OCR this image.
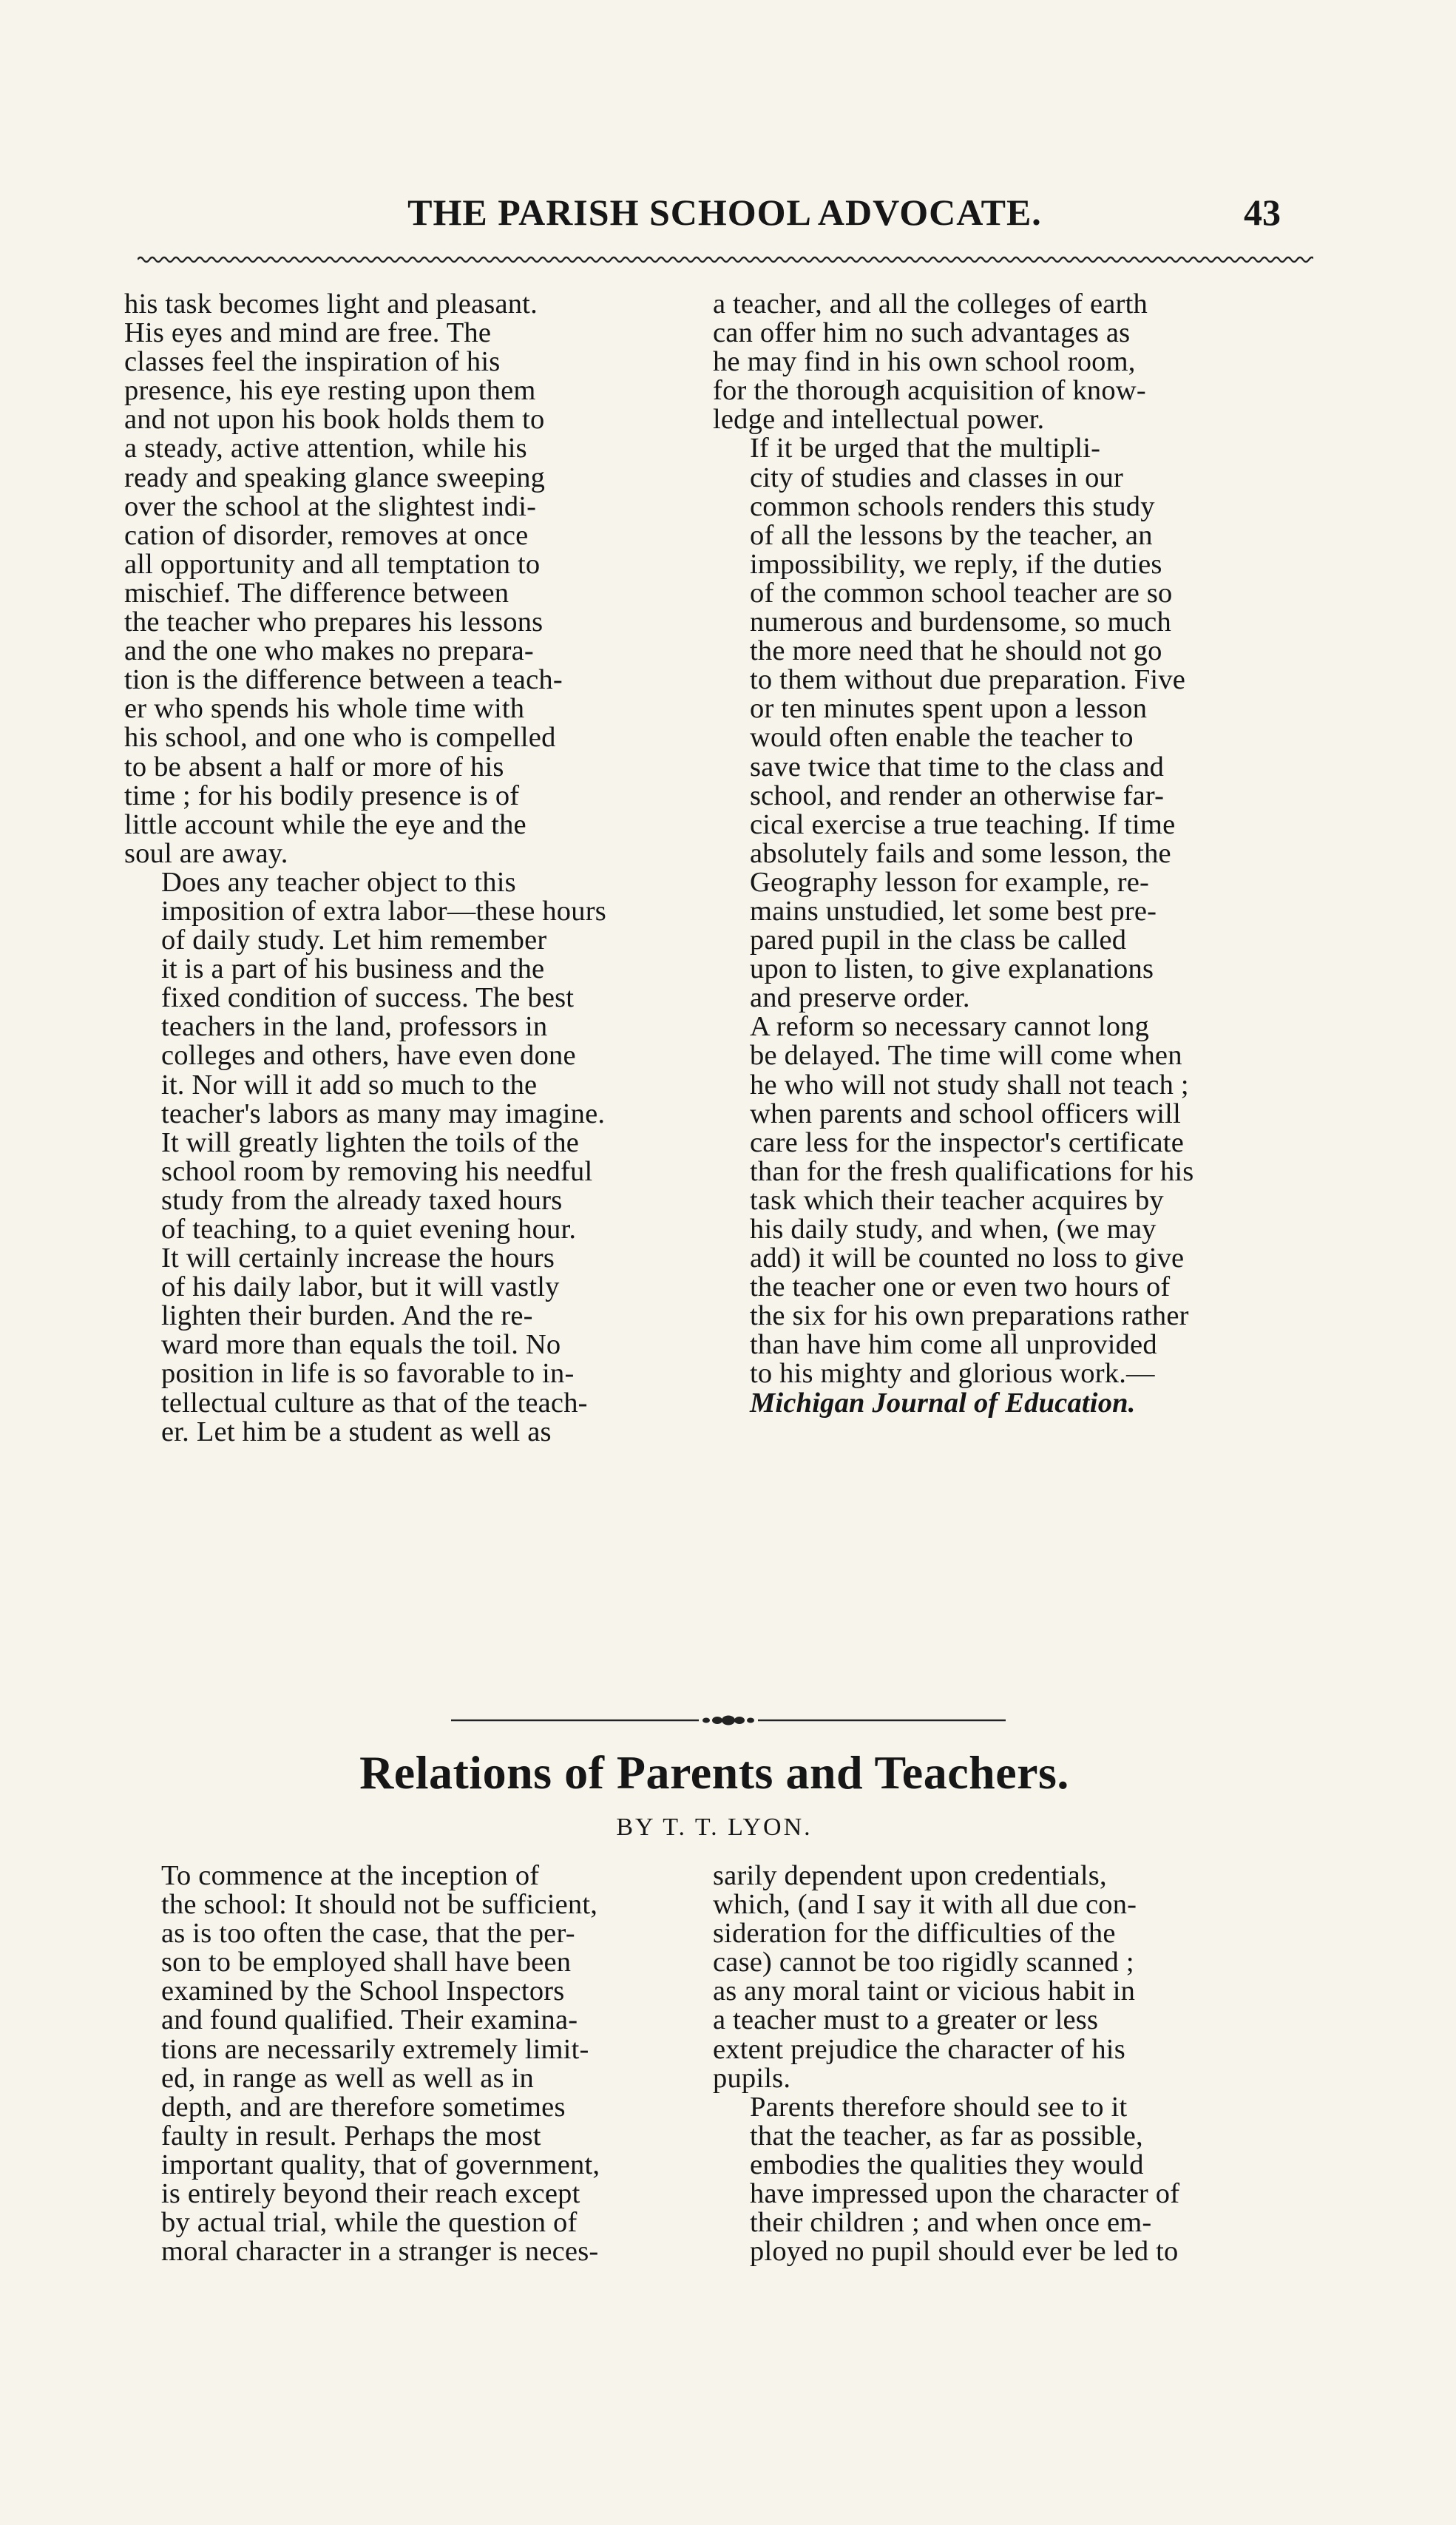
THE PARISH SCHOOL ADVOCATE.	43

his task becomes light and pleasant.
His eyes and mind are free. The
classes feel the inspiration of his
presence, his eye resting upon them
and not upon his book holds them to
a steady, active attention, while his
ready and speaking glance sweeping
over the school at the slightest indi-
cation of disorder, removes at once
all opportunity and all temptation to
mischief. The difference between
the teacher who prepares his lessons
and the one who makes no prepara-
tion is the difference between a teach-
er who spends his whole time with
his school, and one who is compelled
to be absent a half or more of his
time ; for his bodily presence is of
little account while the eye and the
soul are away.

Does any teacher object to this
imposition of extra labor—these hours
of daily study. Let him remember
it is a part of his business and the
fixed condition of success. The best
teachers in the land, professors in
colleges and others, have even done
it. Nor will it add so much to the
teacher's labors as many may imagine.
It will greatly lighten the toils of the
school room by removing his needful
study from the already taxed hours
of teaching, to a quiet evening hour.
It will certainly increase the hours
of his daily labor, but it will vastly
lighten their burden. And the re-
ward more than equals the toil. No
position in life is so favorable to in-
tellectual culture as that of the teach-
er. Let him be a student as well as

a teacher, and all the colleges of earth
can offer him no such advantages as
he may find in his own school room,
for the thorough acquisition of know-
ledge and intellectual power.

If it be urged that the multipli-
city of studies and classes in our
common schools renders this study
of all the lessons by the teacher, an
impossibility, we reply, if the duties
of the common school teacher are so
numerous and burdensome, so much
the more need that he should not go
to them without due preparation. Five
or ten minutes spent upon a lesson
would often enable the teacher to
save twice that time to the class and
school, and render an otherwise far-
cical exercise a true teaching. If time
absolutely fails and some lesson, the
Geography lesson for example, re-
mains unstudied, let some best pre-
pared pupil in the class be called
upon to listen, to give explanations
and preserve order.

A reform so necessary cannot long
be delayed. The time will come when
he who will not study shall not teach ;
when parents and school officers will
care less for the inspector's certificate
than for the fresh qualifications for his
task which their teacher acquires by
his daily study, and when, (we may
add) it will be counted no loss to give
the teacher one or even two hours of
the six for his own preparations rather
than have him come all unprovided
to his mighty and glorious work.—
Michigan Journal of Education.

Relations of Parents and Teachers.
BY T. T. LYON.

To commence at the inception of
the school: It should not be sufficient,
as is too often the case, that the per-
son to be employed shall have been
examined by the School Inspectors
and found qualified. Their examina-
tions are necessarily extremely limit-
ed, in range as well as well as in
depth, and are therefore sometimes
faulty in result. Perhaps the most
important quality, that of government,
is entirely beyond their reach except
by actual trial, while the question of
moral character in a stranger is neces-

sarily dependent upon credentials,
which, (and I say it with all due con-
sideration for the difficulties of the
case) cannot be too rigidly scanned ;
as any moral taint or vicious habit in
a teacher must to a greater or less
extent prejudice the character of his
pupils.

Parents therefore should see to it
that the teacher, as far as possible,
embodies the qualities they would
have impressed upon the character of
their children ; and when once em-
ployed no pupil should ever be led to
